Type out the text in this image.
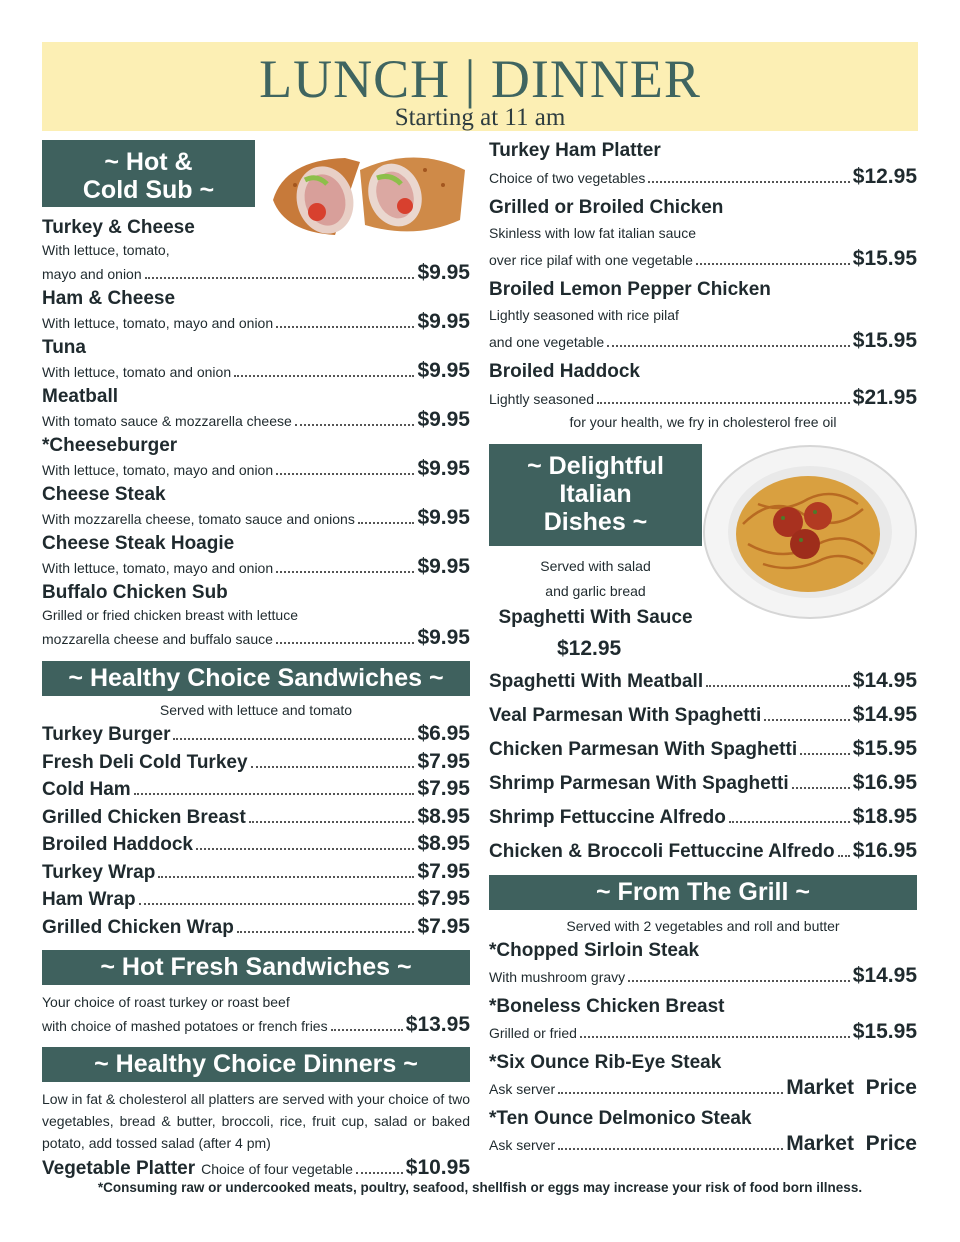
LUNCH | DINNER
Starting at 11 am
~ Hot &
Cold Sub ~
Turkey & Cheese
With lettuce, tomato,
mayo and onion	$9.95
Ham & Cheese
With lettuce, tomato, mayo and onion	$9.95
Tuna
With lettuce, tomato and onion	$9.95
Meatball
With tomato sauce & mozzarella cheese	$9.95
*Cheeseburger
With lettuce, tomato, mayo and onion	$9.95
Cheese Steak
With mozzarella cheese, tomato sauce and onions	$9.95
Cheese Steak Hoagie
With lettuce, tomato, mayo and onion	$9.95
Buffalo Chicken Sub
Grilled or fried chicken breast with lettuce
mozzarella cheese and buffalo sauce	$9.95
~ Healthy Choice Sandwiches ~
Served with lettuce and tomato
Turkey Burger	$6.95
Fresh Deli Cold Turkey	$7.95
Cold Ham	$7.95
Grilled Chicken Breast	$8.95
Broiled Haddock	$8.95
Turkey Wrap	$7.95
Ham Wrap	$7.95
Grilled Chicken Wrap	$7.95
~ Hot Fresh Sandwiches ~
Your choice of roast turkey or roast beef
with choice of mashed potatoes or french fries	$13.95
~ Healthy Choice Dinners ~
Low in fat & cholesterol all platters are served with your choice of two vegetables, bread & butter, broccoli, rice, fruit cup, salad or baked potato, add tossed salad (after 4 pm)
Vegetable Platter Choice of four vegetable	$10.95
Turkey Ham Platter
Choice of two vegetables	$12.95
Grilled or Broiled Chicken
Skinless with low fat italian sauce
over rice pilaf with one vegetable	$15.95
Broiled Lemon Pepper Chicken
Lightly seasoned with rice pilaf
and one vegetable	$15.95
Broiled Haddock
Lightly seasoned	$21.95
for your health, we fry in cholesterol free oil
~ Delightful
Italian
Dishes ~
Served with salad
and garlic bread
Spaghetti With Sauce
$12.95
Spaghetti With Meatball	$14.95
Veal Parmesan With Spaghetti	$14.95
Chicken Parmesan With Spaghetti	$15.95
Shrimp Parmesan With Spaghetti	$16.95
Shrimp Fettuccine Alfredo	$18.95
Chicken & Broccoli Fettuccine Alfredo $16.95
~ From The Grill ~
Served with 2 vegetables and roll and butter
*Chopped Sirloin Steak
With mushroom gravy	$14.95
*Boneless Chicken Breast
Grilled or fried	$15.95
*Six Ounce Rib-Eye Steak
Ask server	Market  Price
*Ten Ounce Delmonico Steak
Ask server	Market  Price
*Consuming raw or undercooked meats, poultry, seafood, shellfish or eggs may increase your risk of food born illness.
